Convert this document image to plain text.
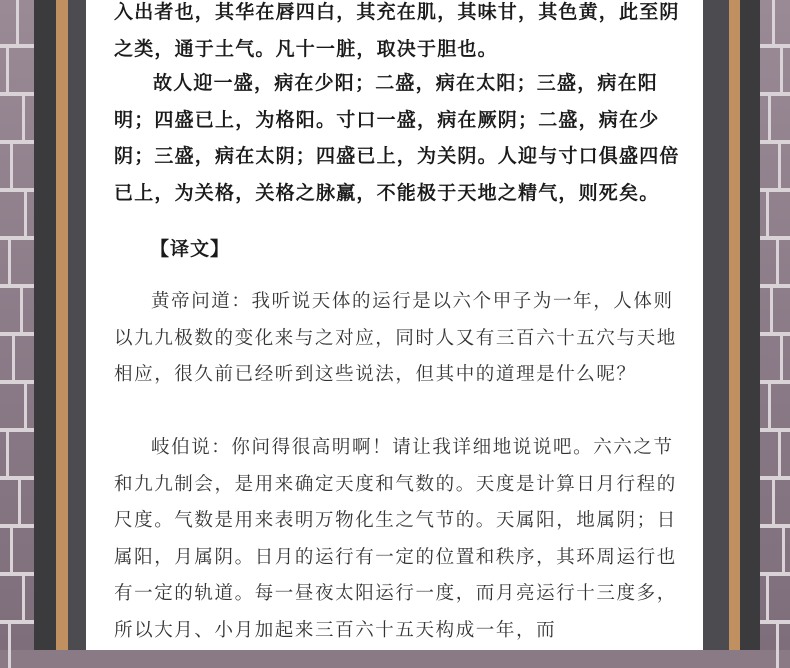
入出者也，其华在唇四白，其充在肌，其味甘，其色黄，此至阴之类，通于土气。凡十一脏，取决于胆也。

故人迎一盛，病在少阳；二盛，病在太阳；三盛，病在阳明；四盛已上，为格阳。寸口一盛，病在厥阴；二盛，病在少阴；三盛，病在太阴；四盛已上，为关阴。人迎与寸口俱盛四倍已上，为关格，关格之脉羸，不能极于天地之精气，则死矣。

【译文】
黄帝问道：我听说天体的运行是以六个甲子为一年，人体则以九九极数的变化来与之对应，同时人又有三百六十五穴与天地相应，很久前已经听到这些说法，但其中的道理是什么呢？
岐伯说：你问得很高明啊！请让我详细地说说吧。六六之节和九九制会，是用来确定天度和气数的。天度是计算日月行程的尺度。气数是用来表明万物化生之气节的。天属阳，地属阴；日属阳，月属阴。日月的运行有一定的位置和秩序，其环周运行也有一定的轨道。每一昼夜太阳运行一度，而月亮运行十三度多，所以大月、小月加起来三百六十五天构成一年，而
